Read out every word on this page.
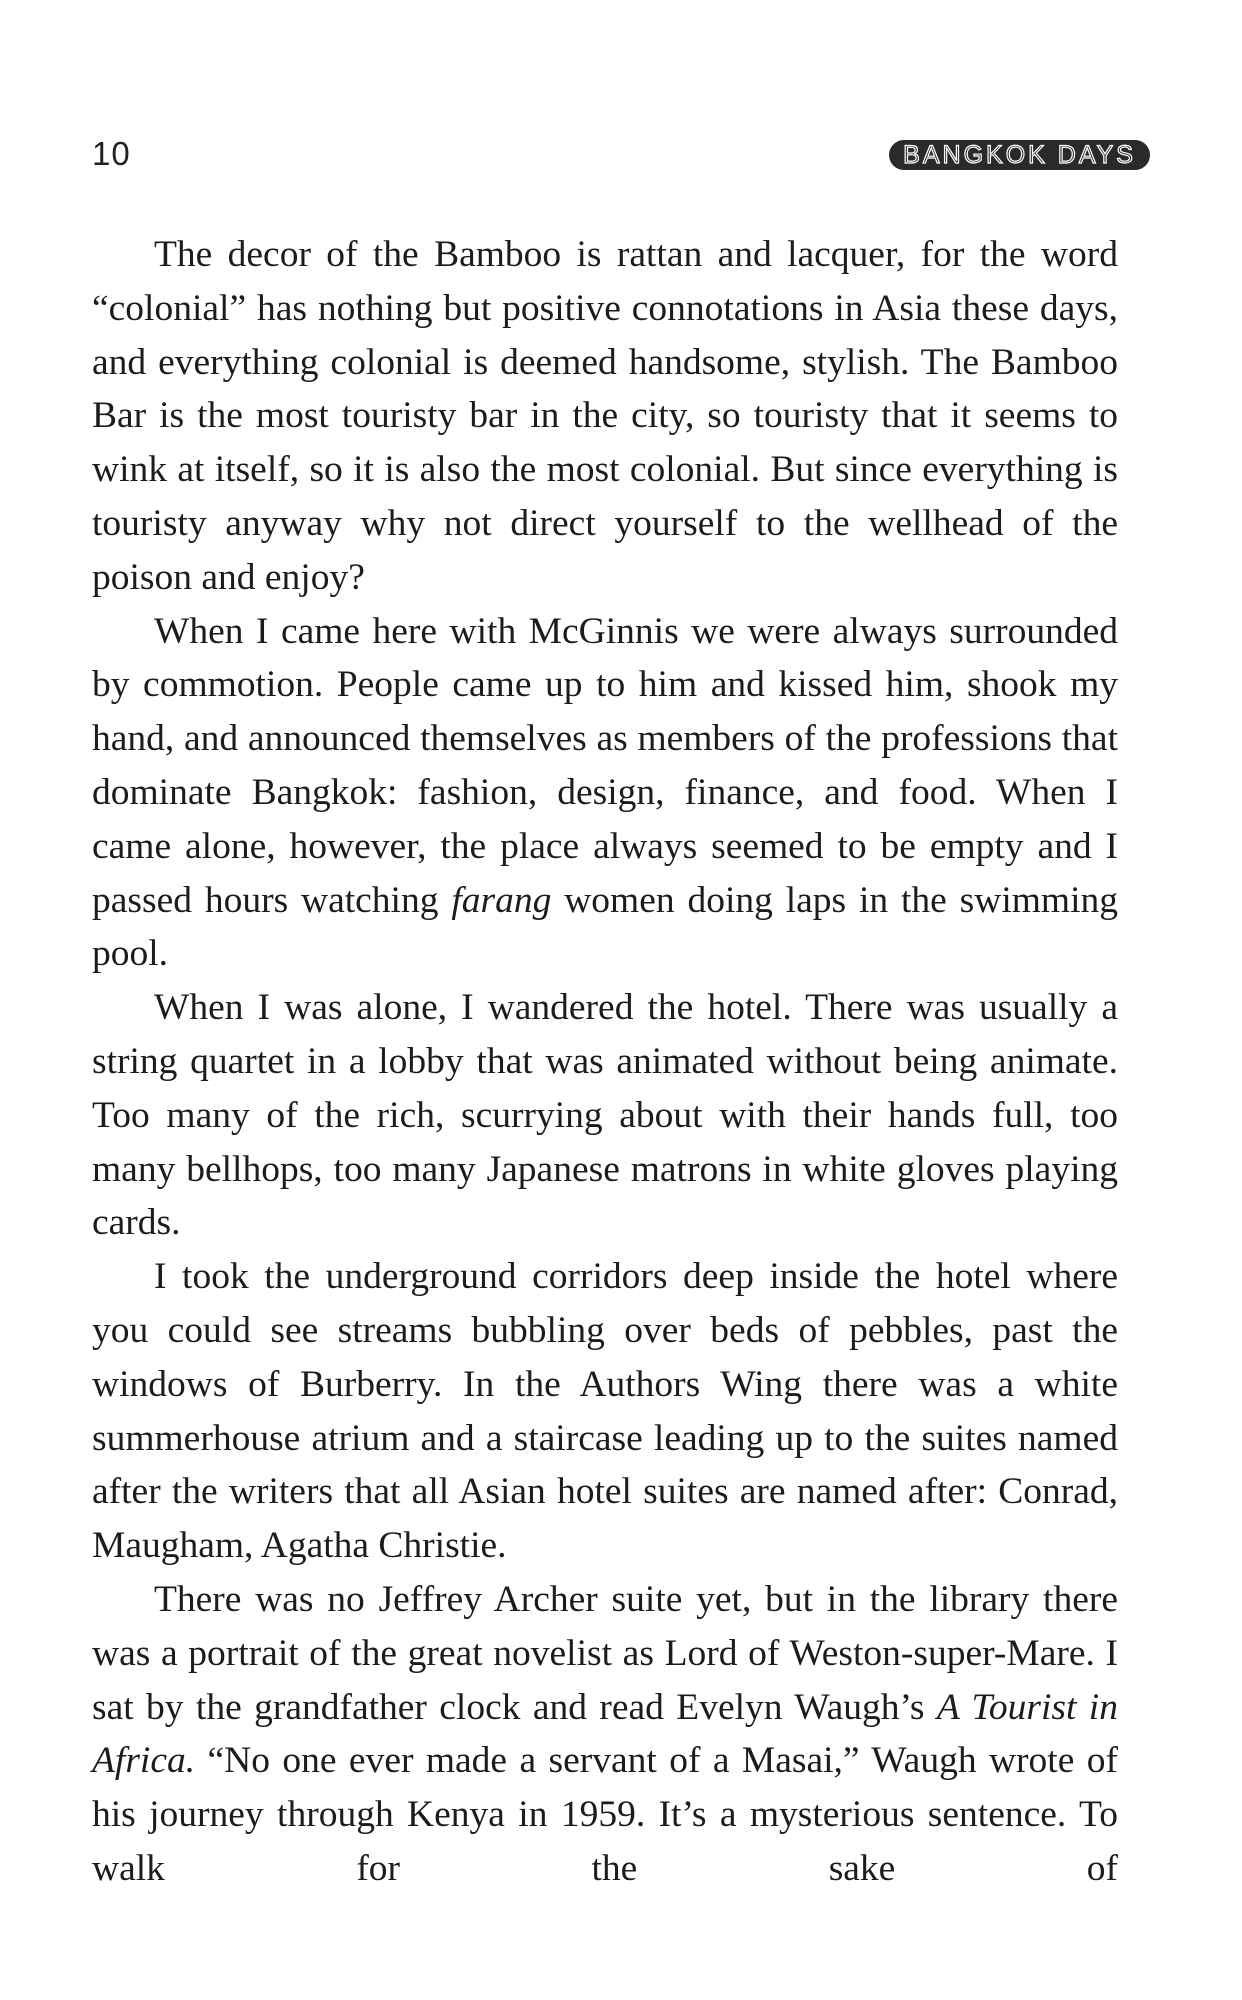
10	BANGKOK DAYS

The decor of the Bamboo is rattan and lacquer, for the word “colonial” has nothing but positive connotations in Asia these days, and everything colonial is deemed handsome, stylish. The Bamboo Bar is the most touristy bar in the city, so touristy that it seems to wink at itself, so it is also the most colonial. But since everything is touristy anyway why not direct yourself to the wellhead of the poison and enjoy?

When I came here with McGinnis we were always surrounded by commotion. People came up to him and kissed him, shook my hand, and announced themselves as members of the professions that dominate Bangkok: fashion, design, finance, and food. When I came alone, however, the place always seemed to be empty and I passed hours watching farang women doing laps in the swimming pool.

When I was alone, I wandered the hotel. There was usually a string quartet in a lobby that was animated without being animate. Too many of the rich, scurrying about with their hands full, too many bellhops, too many Japanese matrons in white gloves playing cards.

I took the underground corridors deep inside the hotel where you could see streams bubbling over beds of pebbles, past the windows of Burberry. In the Authors Wing there was a white summerhouse atrium and a staircase leading up to the suites named after the writers that all Asian hotel suites are named after: Conrad, Maugham, Agatha Christie.

There was no Jeffrey Archer suite yet, but in the library there was a portrait of the great novelist as Lord of Weston-super-Mare. I sat by the grandfather clock and read Evelyn Waugh’s A Tourist in Africa. “No one ever made a servant of a Masai,” Waugh wrote of his journey through Kenya in 1959. It’s a mysterious sentence. To walk for the sake of
